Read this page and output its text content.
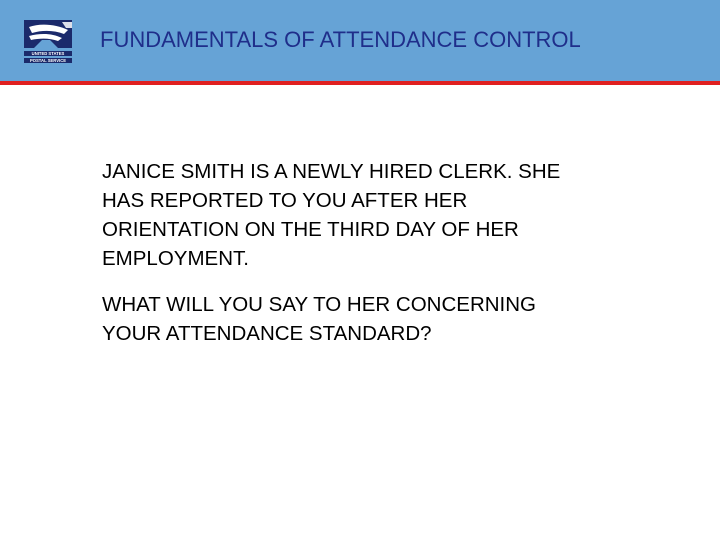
UNITED STATES
POSTAL SERVICE
FUNDAMENTALS OF ATTENDANCE CONTROL

JANICE SMITH IS A NEWLY HIRED CLERK. SHE
HAS REPORTED TO YOU AFTER HER
ORIENTATION ON THE THIRD DAY OF HER
EMPLOYMENT.

WHAT WILL YOU SAY TO HER CONCERNING
YOUR ATTENDANCE STANDARD?
